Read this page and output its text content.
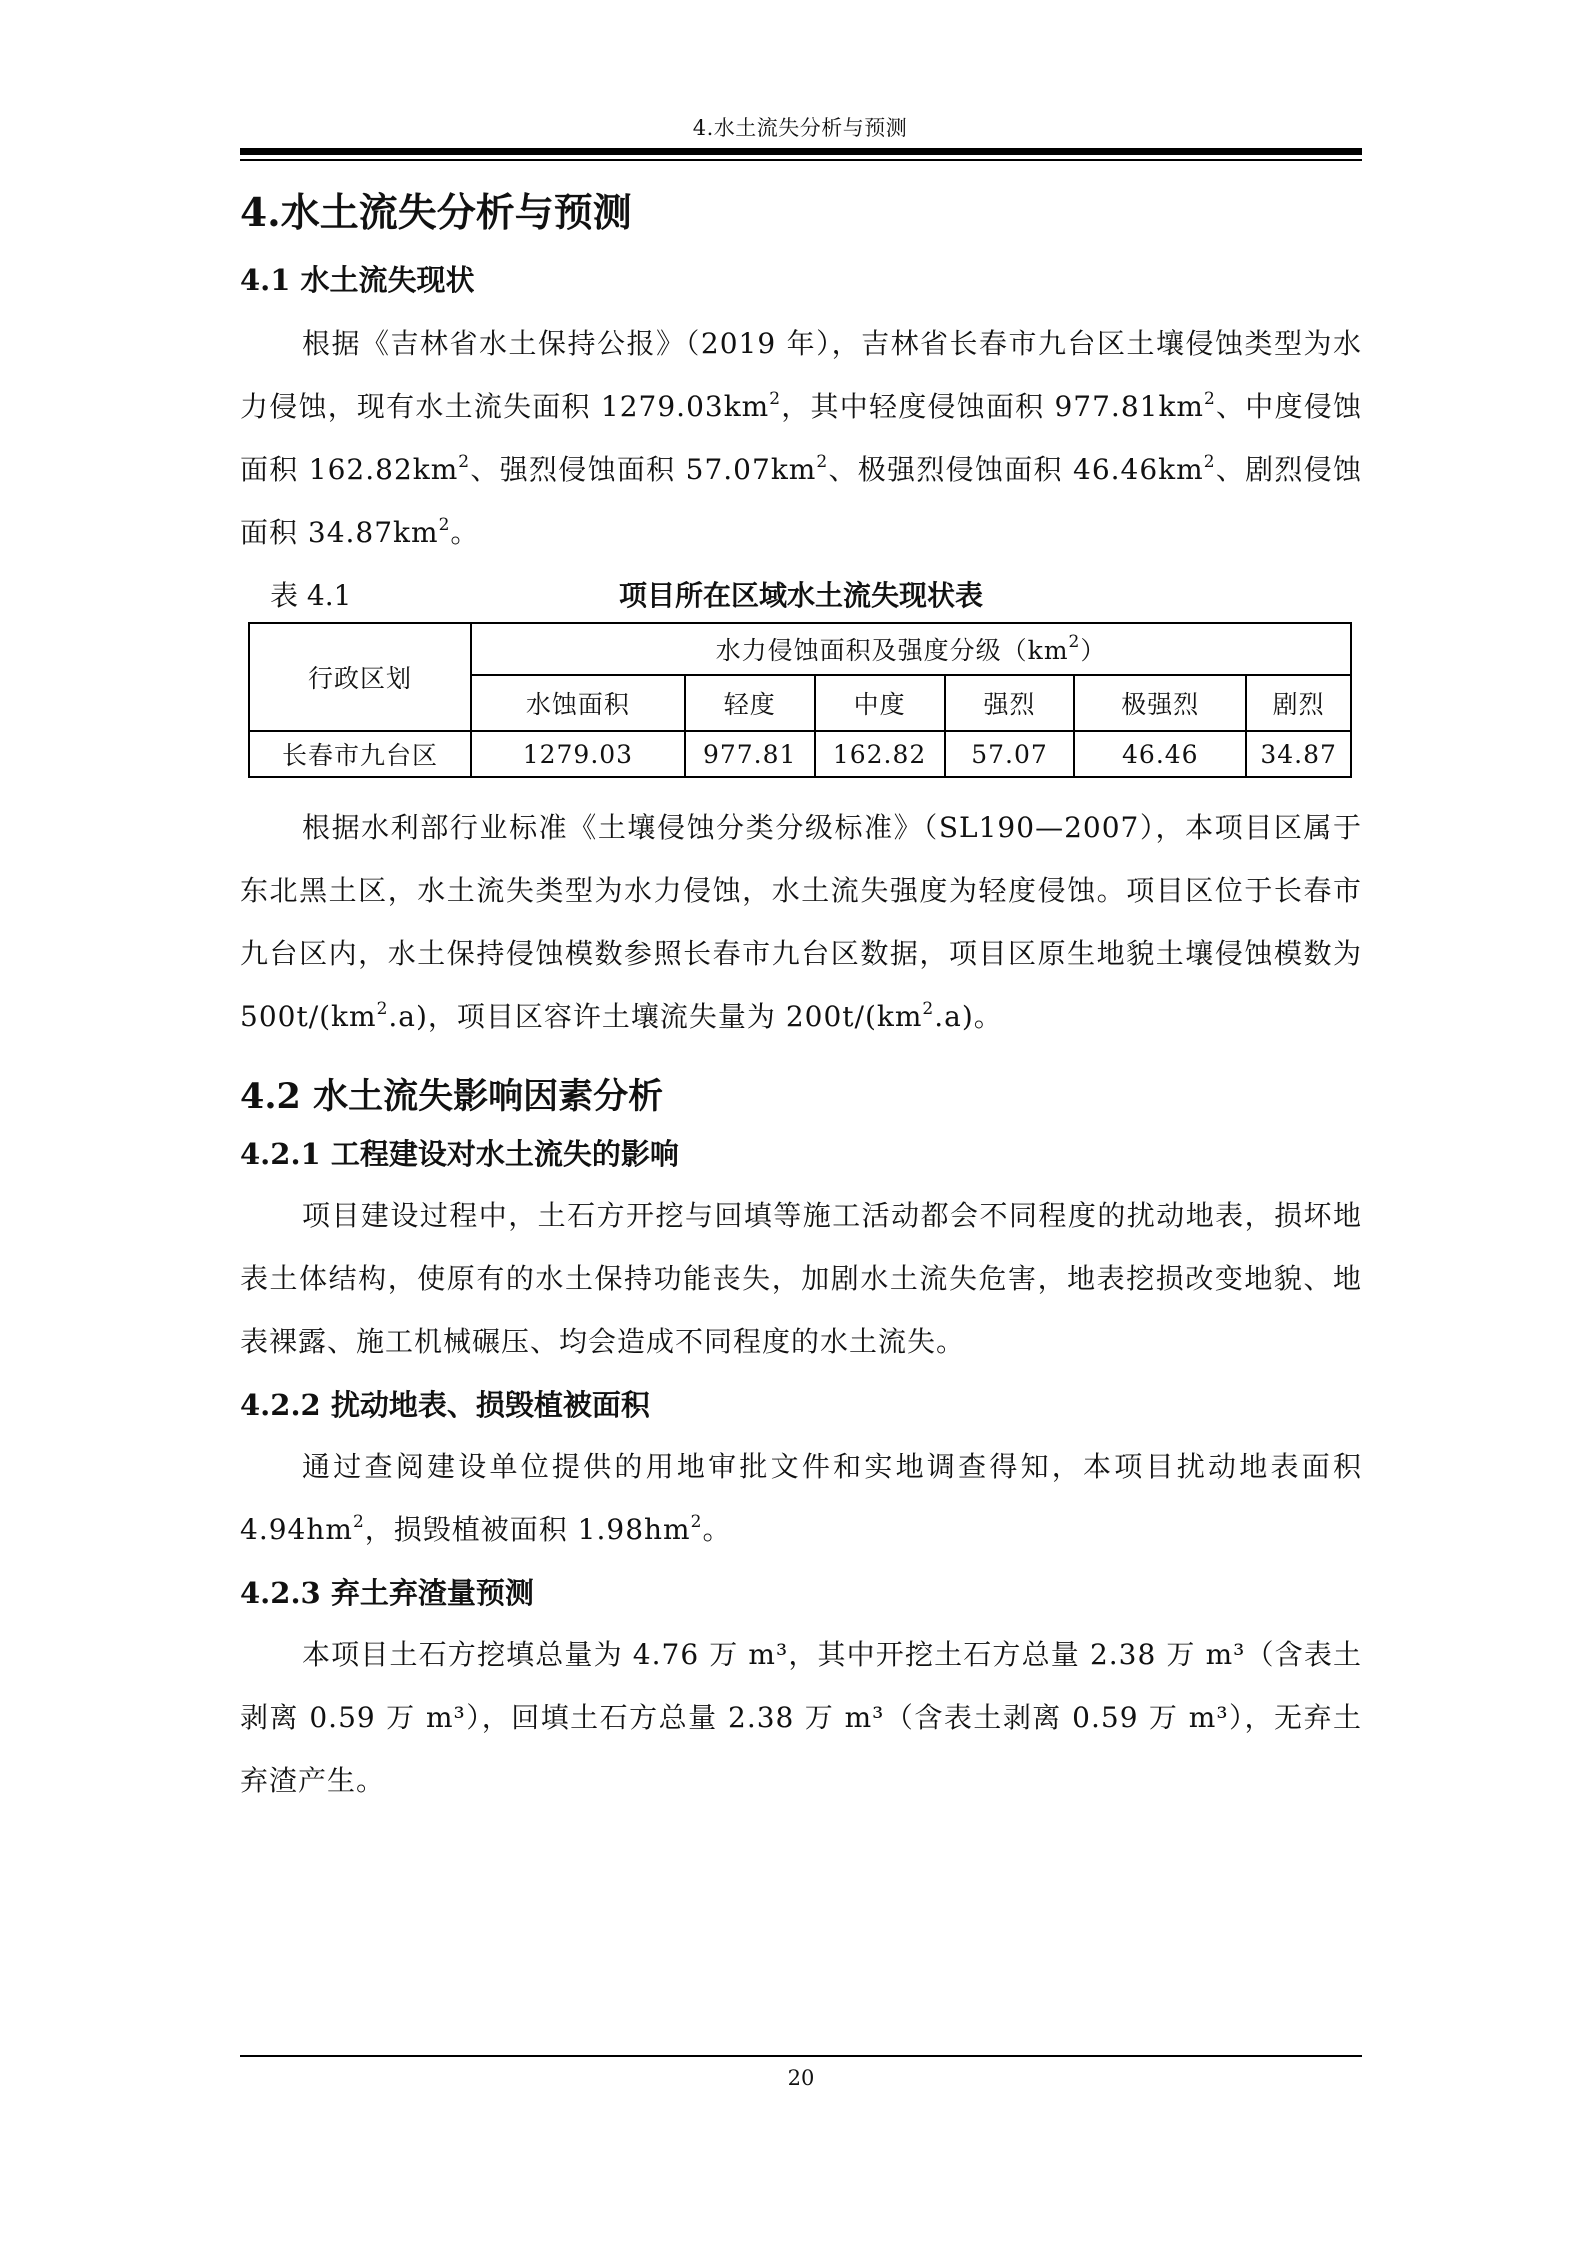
4.水土流失分析与预测
4.水土流失分析与预测
4.1 水土流失现状

根据《吉林省水土保持公报》（2019 年），吉林省长春市九台区土壤侵蚀类型为水力侵蚀，现有水土流失面积 $1279.03km^2$，其中轻度侵蚀面积 $977.81km^2$、中度侵蚀面积 $162.82km^2$、强烈侵蚀面积 $57.07km^2$、极强烈侵蚀面积 $46.46km^2$、剧烈侵蚀面积 $34.87km^2$。

表 4.1	项目所在区域水土流失现状表
行政区划	水力侵蚀面积及强度分级$(km^2)$					
	水蚀面积	轻度	中度	强烈	极强烈	剧烈
长春市九台区	1279.03	977.81	162.82	57.07	46.46	34.87

根据水利部行业标准《土壤侵蚀分类分级标准》（SL190—2007），本项目区属于东北黑土区，水土流失类型为水力侵蚀，水土流失强度为轻度侵蚀。项目区位于长春市九台区内，水土保持侵蚀模数参照长春市九台区数据，项目区原生地貌土壤侵蚀模数为 $500t/(km^2.a)$，项目区容许土壤流失量为 $200t/(km^2.a)$。

4.2 水土流失影响因素分析
4.2.1 工程建设对水土流失的影响

项目建设过程中，土石方开挖与回填等施工活动都会不同程度的扰动地表，损坏地表土体结构，使原有的水土保持功能丧失，加剧水土流失危害，地表挖损改变地貌、地表裸露、施工机械碾压、均会造成不同程度的水土流失。

4.2.2 扰动地表、损毁植被面积

通过查阅建设单位提供的用地审批文件和实地调查得知，本项目扰动地表面积 $4.94hm^2$，损毁植被面积 $1.98hm^2$。

4.2.3 弃土弃渣量预测

本项目土石方挖填总量为 4.76 万 m³，其中开挖土石方总量 2.38 万 m³（含表土剥离 0.59 万 m³），回填土石方总量 2.38 万 m³（含表土剥离 0.59 万 m³），无弃土弃渣产生。

20
